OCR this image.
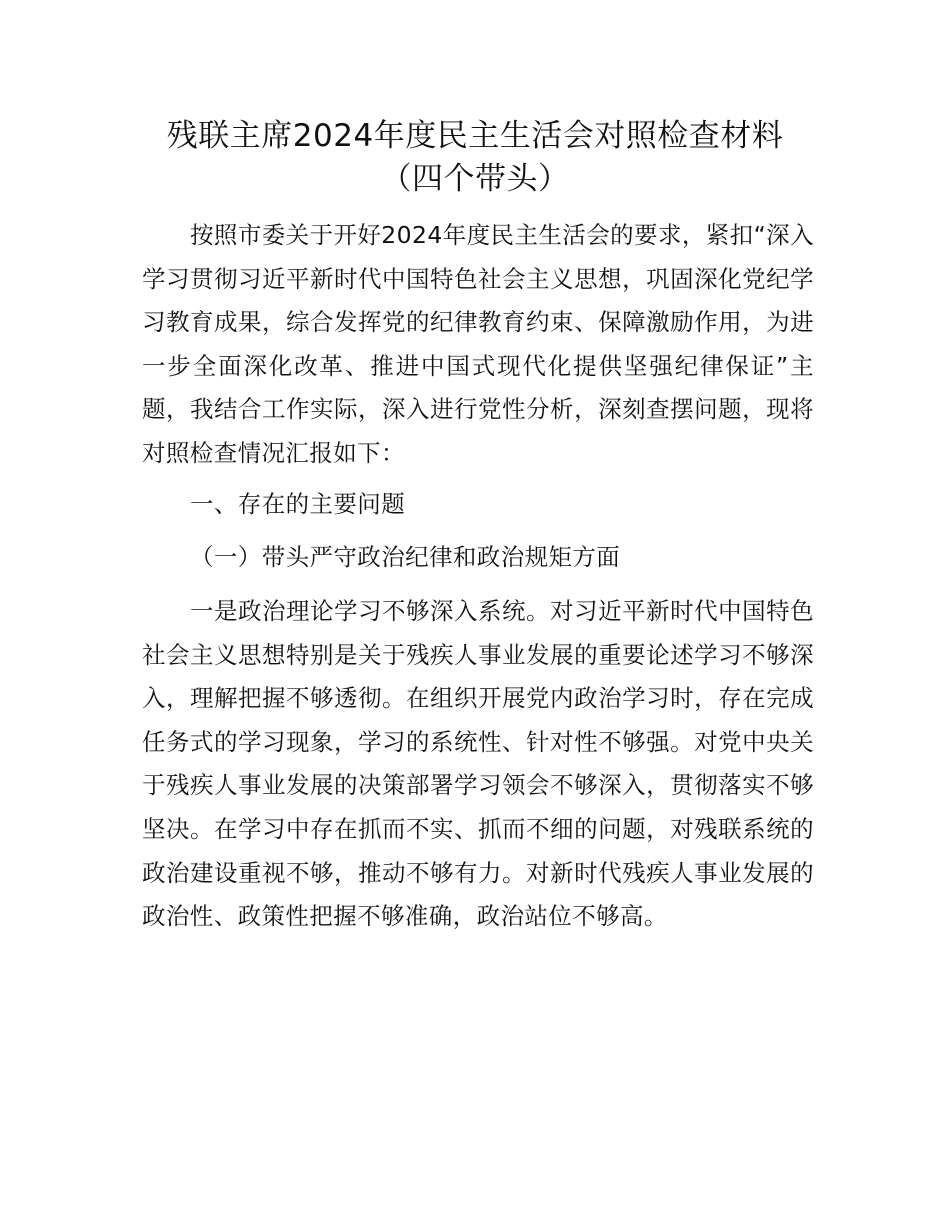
残联主席2024年度民主生活会对照检查材料
（四个带头）

按照市委关于开好2024年度民主生活会的要求，紧扣“深入学习贯彻习近平新时代中国特色社会主义思想，巩固深化党纪学习教育成果，综合发挥党的纪律教育约束、保障激励作用，为进一步全面深化改革、推进中国式现代化提供坚强纪律保证”主题，我结合工作实际，深入进行党性分析，深刻查摆问题，现将对照检查情况汇报如下：

一、存在的主要问题

（一）带头严守政治纪律和政治规矩方面

一是政治理论学习不够深入系统。对习近平新时代中国特色社会主义思想特别是关于残疾人事业发展的重要论述学习不够深入，理解把握不够透彻。在组织开展党内政治学习时，存在完成任务式的学习现象，学习的系统性、针对性不够强。对党中央关于残疾人事业发展的决策部署学习领会不够深入，贯彻落实不够坚决。在学习中存在抓而不实、抓而不细的问题，对残联系统的政治建设重视不够，推动不够有力。对新时代残疾人事业发展的政治性、政策性把握不够准确，政治站位不够高。
